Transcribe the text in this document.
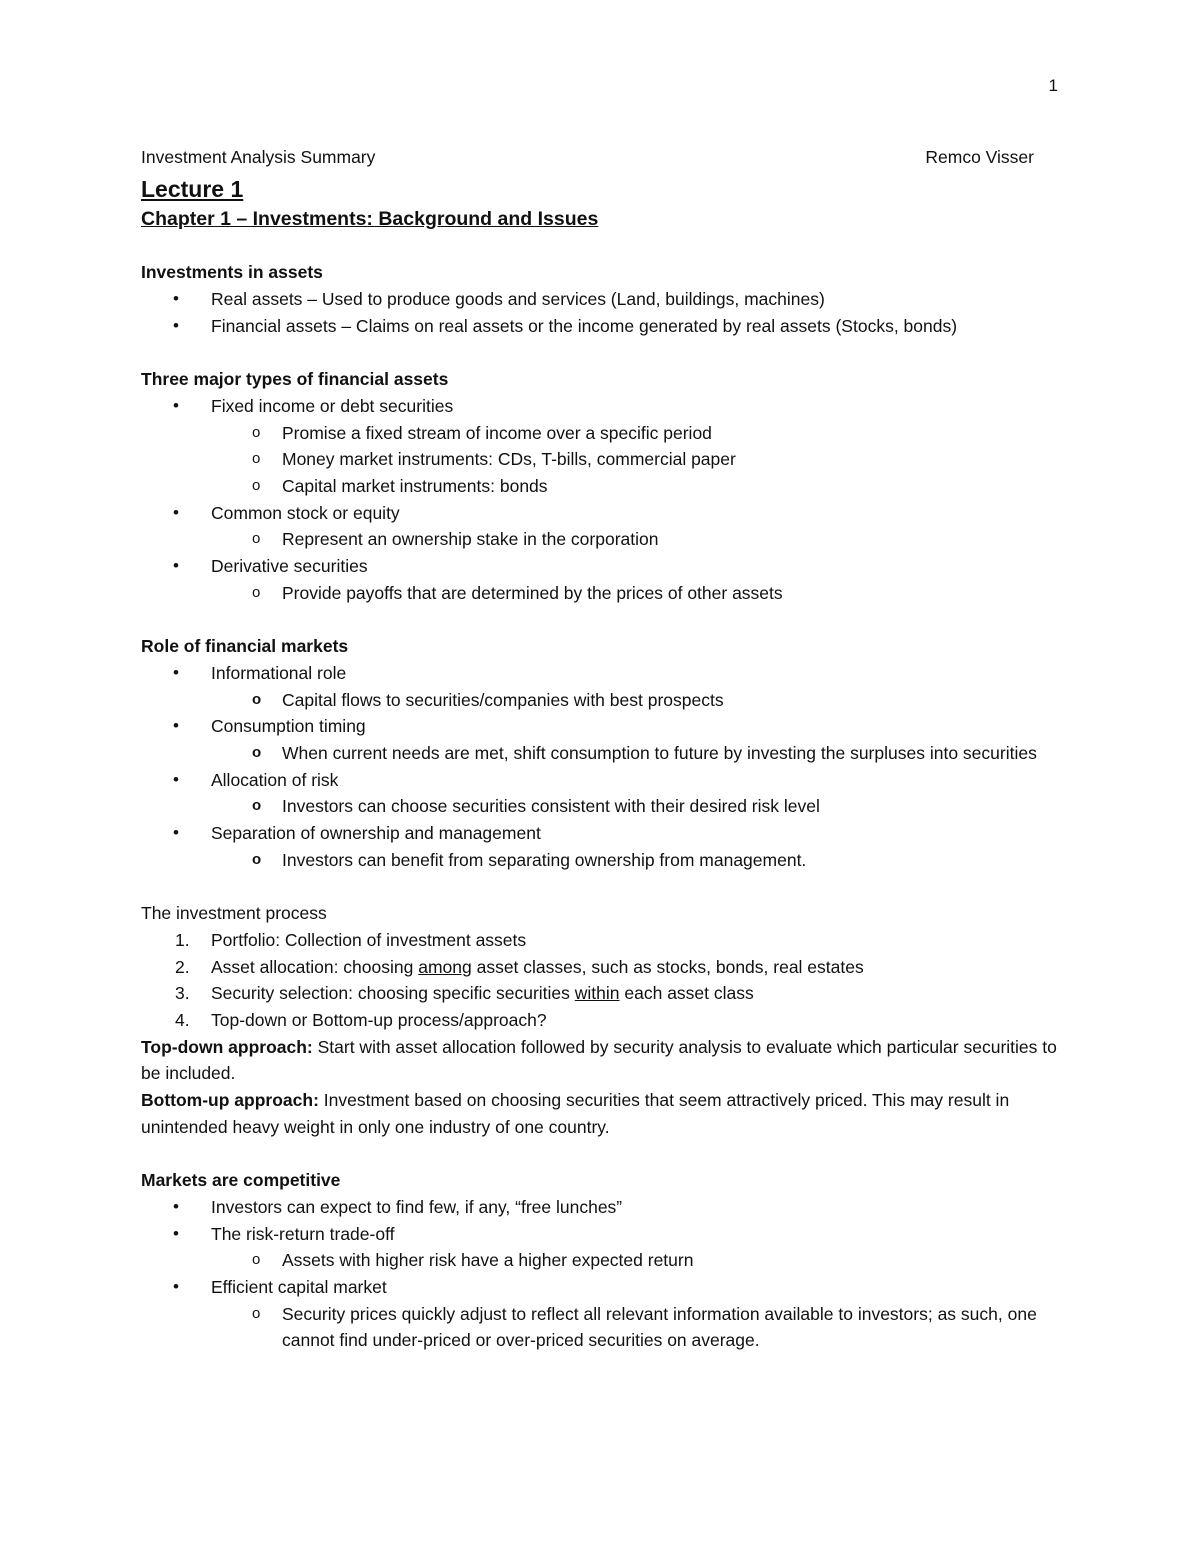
1
Investment Analysis Summary	Remco Visser
Lecture 1
Chapter 1 – Investments: Background and Issues
Investments in assets
• Real assets – Used to produce goods and services (Land, buildings, machines)
• Financial assets – Claims on real assets or the income generated by real assets (Stocks, bonds)
Three major types of financial assets
• Fixed income or debt securities
o Promise a fixed stream of income over a specific period
o Money market instruments: CDs, T-bills, commercial paper
o Capital market instruments: bonds
• Common stock or equity
o Represent an ownership stake in the corporation
• Derivative securities
o Provide payoffs that are determined by the prices of other assets
Role of financial markets
• Informational role
o Capital flows to securities/companies with best prospects
• Consumption timing
o When current needs are met, shift consumption to future by investing the surpluses into securities
• Allocation of risk
o Investors can choose securities consistent with their desired risk level
• Separation of ownership and management
o Investors can benefit from separating ownership from management.
The investment process
1. Portfolio: Collection of investment assets
2. Asset allocation: choosing among asset classes, such as stocks, bonds, real estates
3. Security selection: choosing specific securities within each asset class
4. Top-down or Bottom-up process/approach?
Top-down approach: Start with asset allocation followed by security analysis to evaluate which particular securities to be included.
Bottom-up approach: Investment based on choosing securities that seem attractively priced. This may result in unintended heavy weight in only one industry of one country.
Markets are competitive
• Investors can expect to find few, if any, “free lunches”
• The risk-return trade-off
o Assets with higher risk have a higher expected return
• Efficient capital market
o Security prices quickly adjust to reflect all relevant information available to investors; as such, one cannot find under-priced or over-priced securities on average.
